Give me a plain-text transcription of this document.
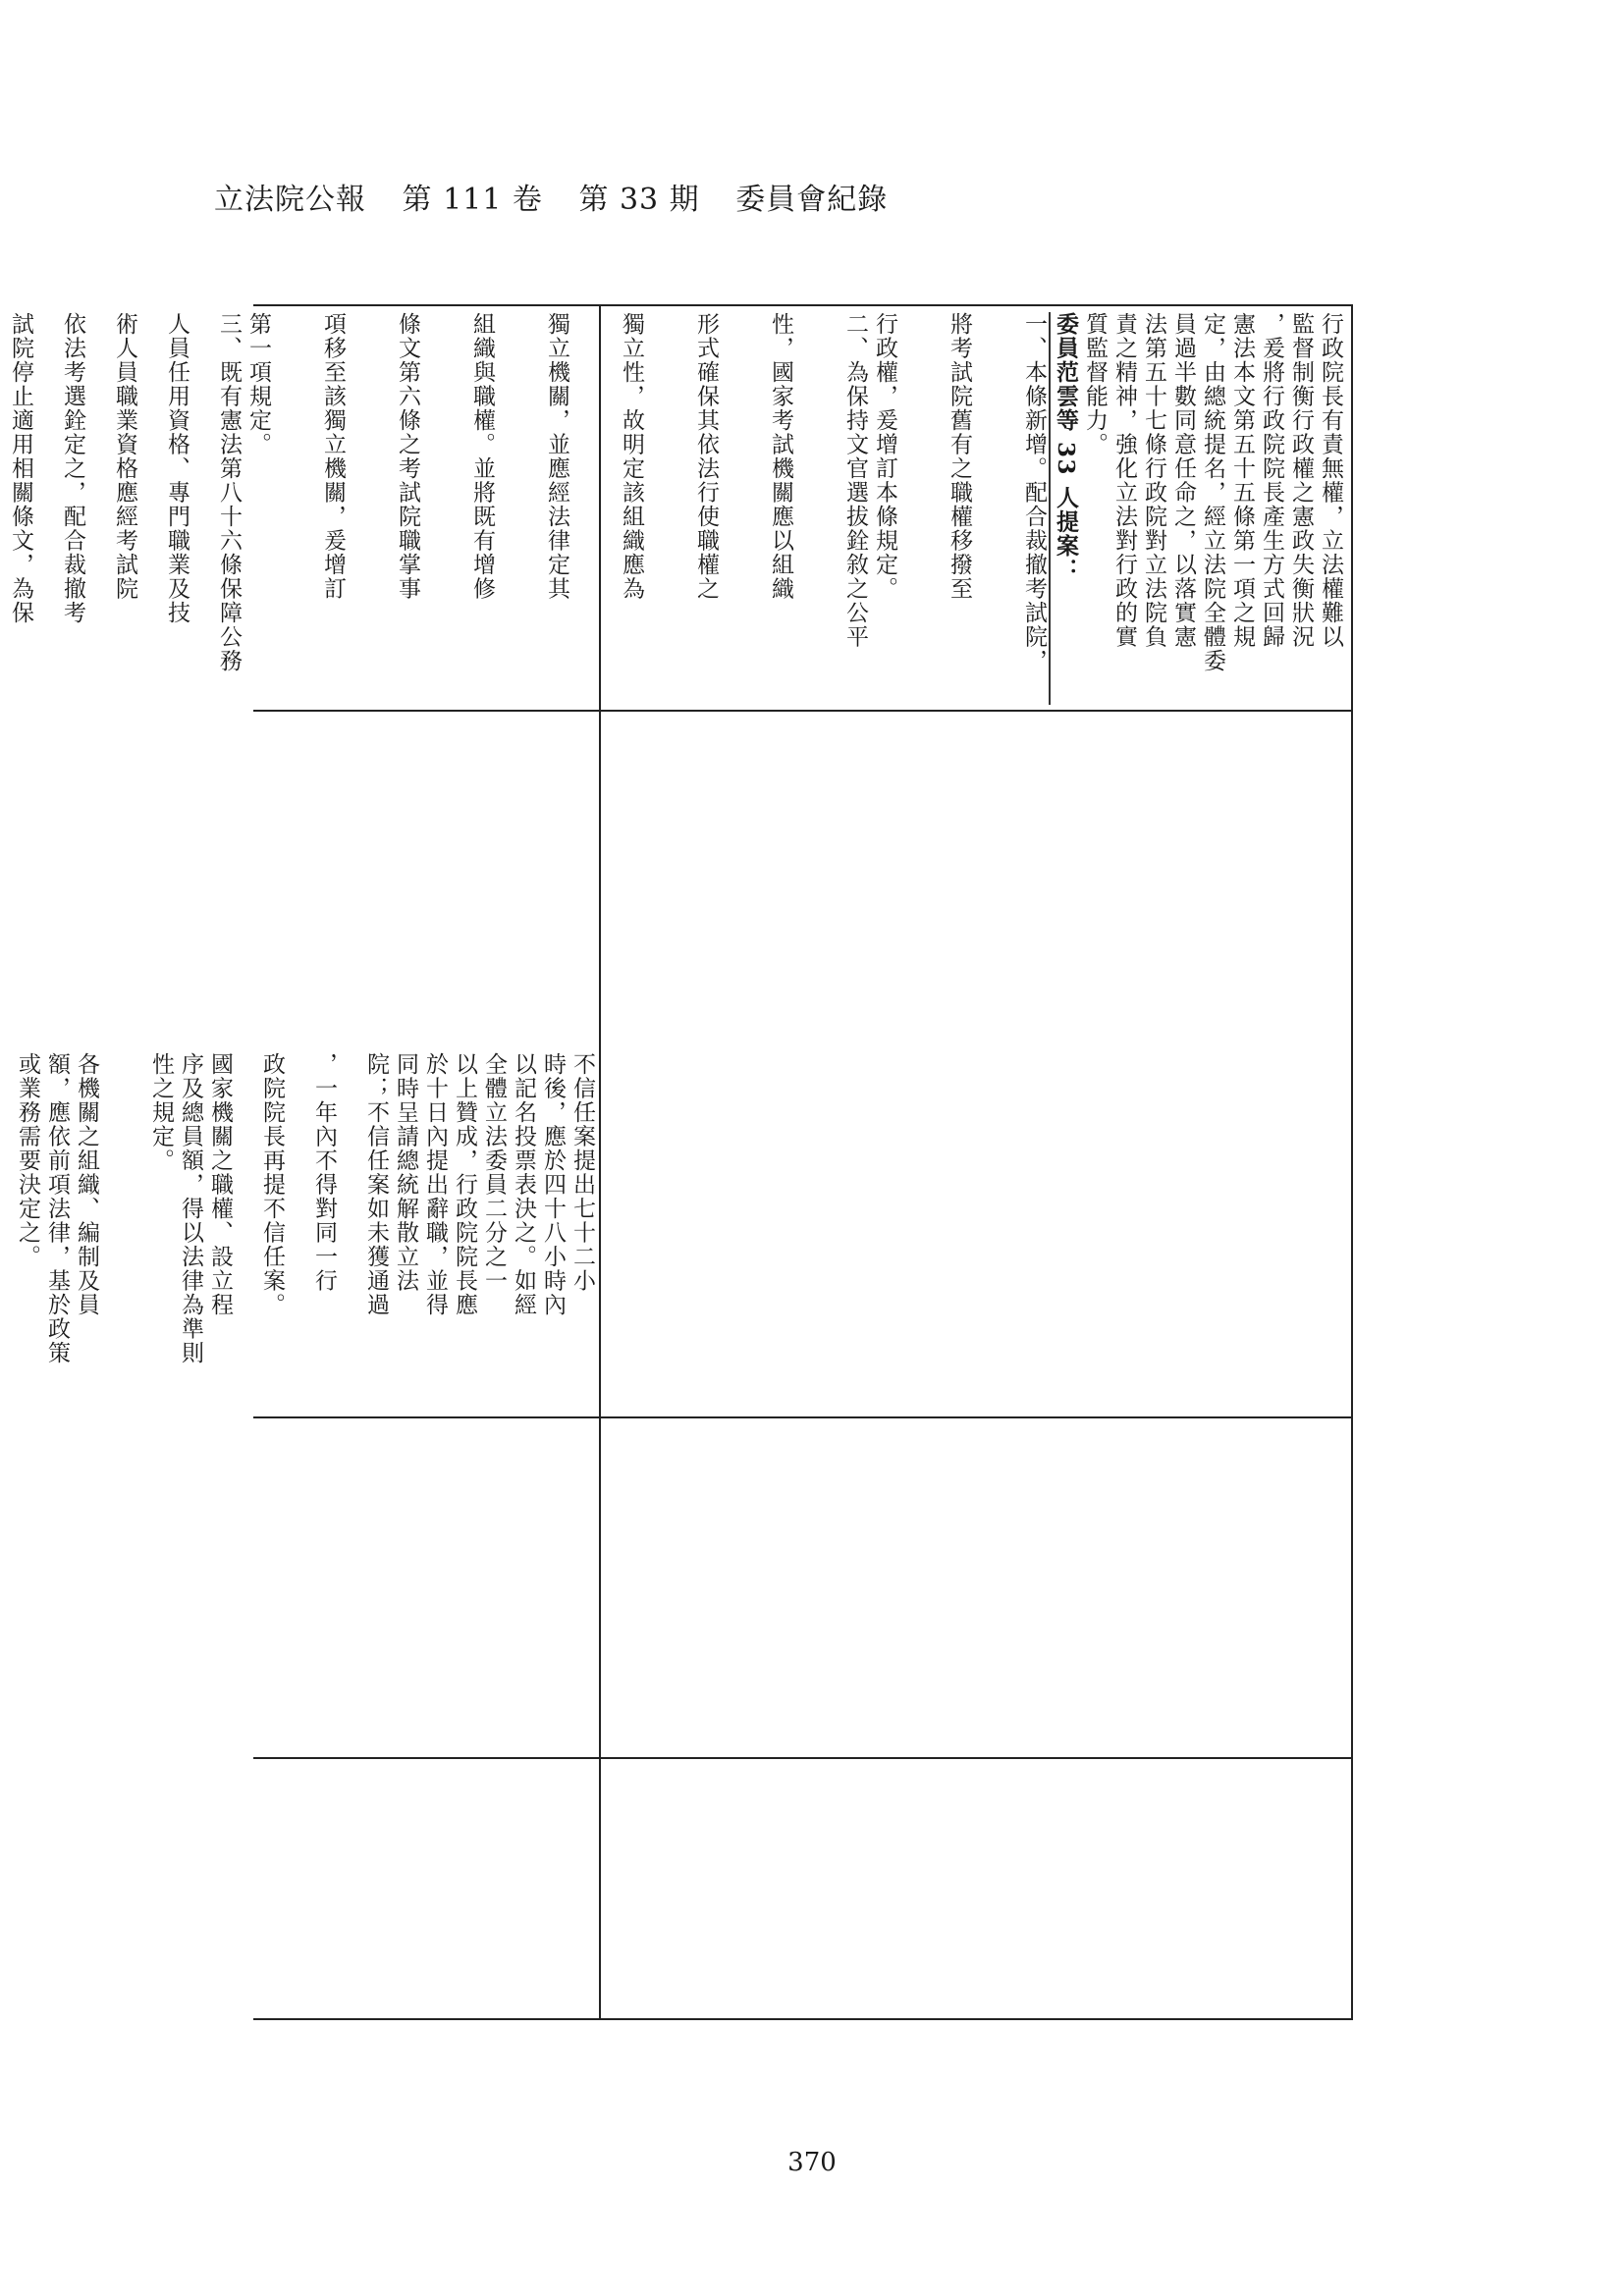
立法院公報 第 111 卷 第 33 期 委員會紀錄

行政院長有責無權，立法權難以

監督制衡行政權之憲政失衡狀況

，爰將行政院院長產生方式回歸

憲法本文第五十五條第一項之規

定，由總統提名，經立法院全體委

員過半數同意任命之，以落實憲

法第五十七條行政院對立法院負

責之精神，強化立法對行政的實

質監督能力。

委員范雲等 33 人提案：

一、本條新增。配合裁撤考試院，

將考試院舊有之職權移撥至

行政權，爰增訂本條規定。

二、為保持文官選拔銓敘之公平

性，國家考試機關應以組織

形式確保其依法行使職權之

獨立性，故明定該組織應為

獨立機關，並應經法律定其

組織與職權。並將既有增修

條文第六條之考試院職掌事

項移至該獨立機關，爰增訂

第一項規定。

三、既有憲法第八十六條保障公務

人員任用資格、專門職業及技

術人員職業資格應經考試院

依法考選銓定之，配合裁撤考

試院停止適用相關條文，為保

不信任案提出七十二小

時後，應於四十八小時內

以記名投票表決之。如經

全體立法委員二分之一

以上贊成，行政院院長應

於十日內提出辭職，並得

同時呈請總統解散立法

院；不信任案如未獲通過

，一年內不得對同一行

政院院長再提不信任案。

國家機關之職權、設立程

序及總員額，得以法律為準則

性之規定。

各機關之組織、編制及員

額，應依前項法律，基於政策

或業務需要決定之。

370
